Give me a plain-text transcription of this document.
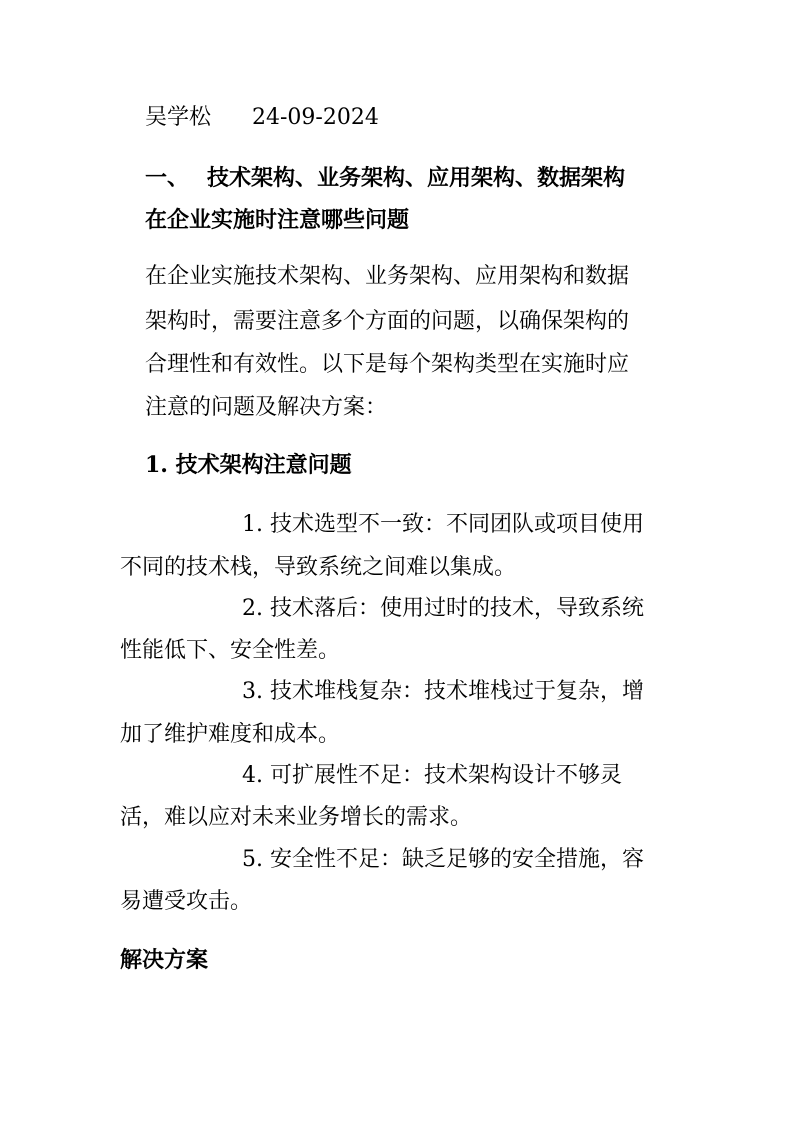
吴学松 24-09-2024
一、 技术架构、业务架构、应用架构、数据架构
在企业实施时注意哪些问题
在企业实施技术架构、业务架构、应用架构和数据
架构时，需要注意多个方面的问题，以确保架构的
合理性和有效性。以下是每个架构类型在实施时应
注意的问题及解决方案：
1. 技术架构注意问题
1. 技术选型不一致：不同团队或项目使用
不同的技术栈，导致系统之间难以集成。
2. 技术落后：使用过时的技术，导致系统
性能低下、安全性差。
3. 技术堆栈复杂：技术堆栈过于复杂，增
加了维护难度和成本。
4. 可扩展性不足：技术架构设计不够灵
活，难以应对未来业务增长的需求。
5. 安全性不足：缺乏足够的安全措施，容
易遭受攻击。
解决方案
